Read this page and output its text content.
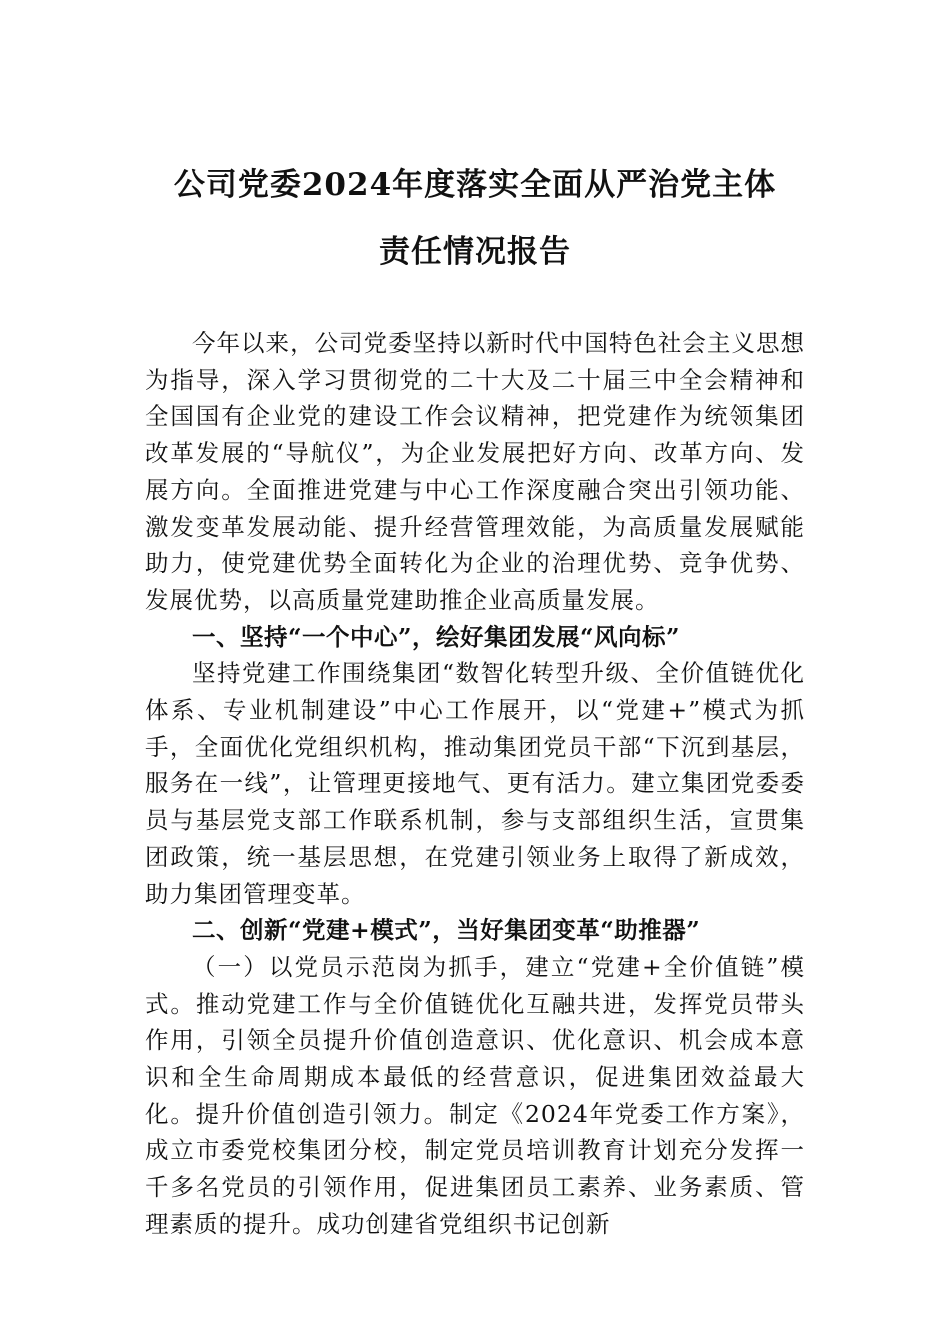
公司党委2024年度落实全面从严治党主体
责任情况报告

今年以来，公司党委坚持以新时代中国特色社会主义思想为指导，深入学习贯彻党的二十大及二十届三中全会精神和全国国有企业党的建设工作会议精神，把党建作为统领集团改革发展的“导航仪”，为企业发展把好方向、改革方向、发展方向。全面推进党建与中心工作深度融合突出引领功能、激发变革发展动能、提升经营管理效能，为高质量发展赋能助力，使党建优势全面转化为企业的治理优势、竞争优势、发展优势，以高质量党建助推企业高质量发展。

一、坚持“一个中心”，绘好集团发展“风向标”

坚持党建工作围绕集团“数智化转型升级、全价值链优化体系、专业机制建设”中心工作展开，以“党建+”模式为抓手，全面优化党组织机构，推动集团党员干部“下沉到基层，服务在一线”，让管理更接地气、更有活力。建立集团党委委员与基层党支部工作联系机制，参与支部组织生活，宣贯集团政策，统一基层思想，在党建引领业务上取得了新成效，助力集团管理变革。

二、创新“党建+模式”，当好集团变革“助推器”

（一）以党员示范岗为抓手，建立“党建+全价值链”模式。推动党建工作与全价值链优化互融共进，发挥党员带头作用，引领全员提升价值创造意识、优化意识、机会成本意识和全生命周期成本最低的经营意识，促进集团效益最大化。提升价值创造引领力。制定《2024年党委工作方案》，成立市委党校集团分校，制定党员培训教育计划充分发挥一千多名党员的引领作用，促进集团员工素养、业务素质、管理素质的提升。成功创建省党组织书记创新
